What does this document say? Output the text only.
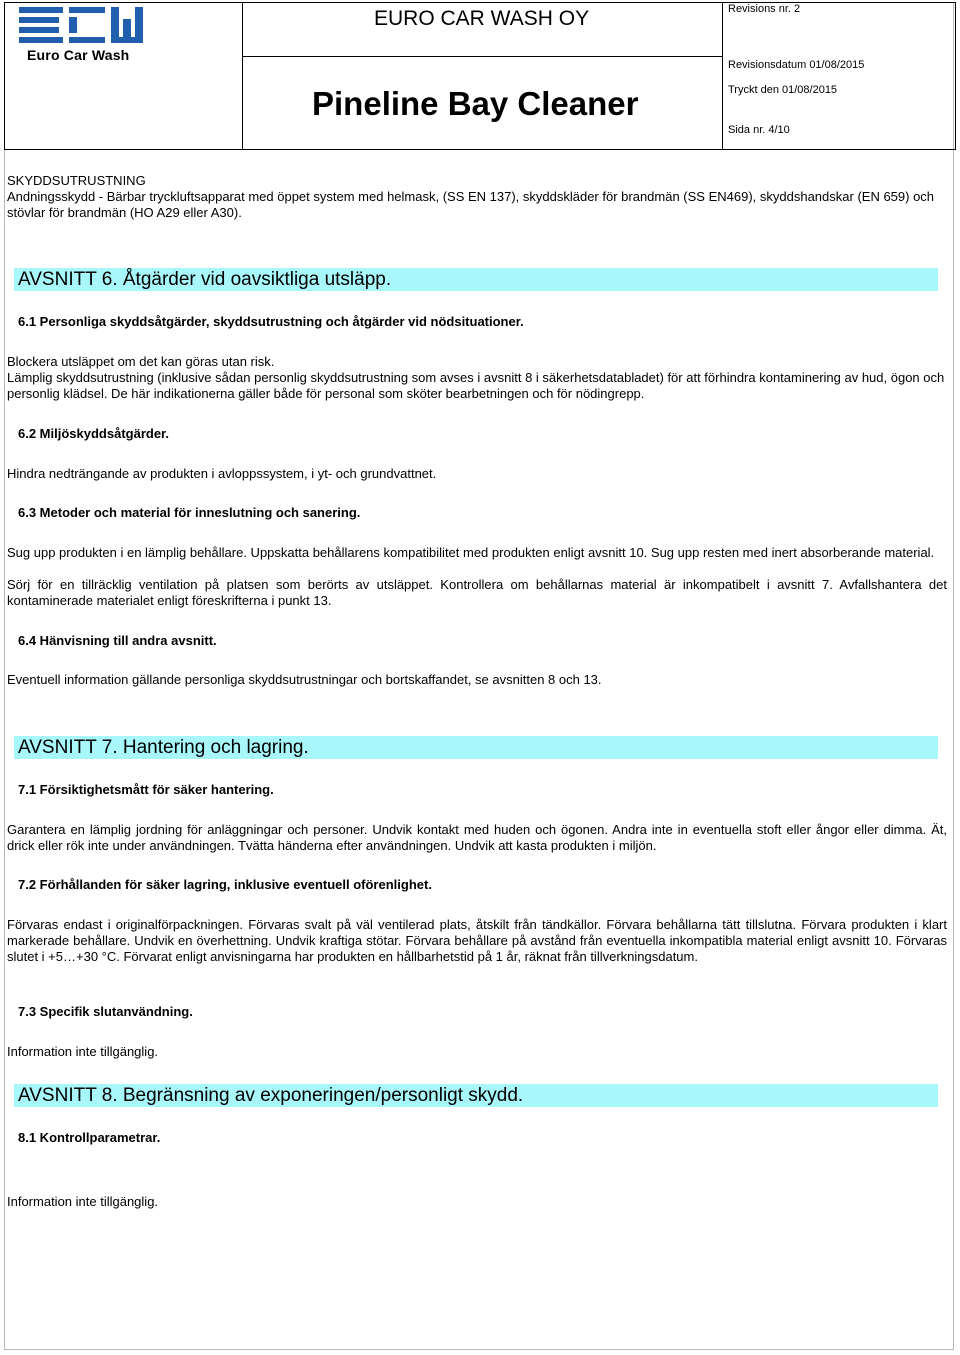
Euro Car Wash
EURO CAR WASH OY
Pineline Bay Cleaner
Revisions nr. 2
Revisionsdatum 01/08/2015
Tryckt den 01/08/2015
Sida nr. 4/10
SKYDDSUTRUSTNING
Andningsskydd - Bärbar tryckluftsapparat med öppet system med helmask, (SS EN 137), skyddskläder för brandmän (SS EN469), skyddshandskar (EN 659) och stövlar för brandmän (HO A29 eller A30).
AVSNITT 6. Åtgärder vid oavsiktliga utsläpp.
6.1 Personliga skyddsåtgärder, skyddsutrustning och åtgärder vid nödsituationer.
Blockera utsläppet om det kan göras utan risk.
Lämplig skyddsutrustning (inklusive sådan personlig skyddsutrustning som avses i avsnitt 8 i säkerhetsdatabladet) för att förhindra kontaminering av hud, ögon och personlig klädsel. De här indikationerna gäller både för personal som sköter bearbetningen och för nödingrepp.
6.2 Miljöskyddsåtgärder.
Hindra nedträngande av produkten i avloppssystem, i yt- och grundvattnet.
6.3 Metoder och material för inneslutning och sanering.
Sug upp produkten i en lämplig behållare. Uppskatta behållarens kompatibilitet med produkten enligt avsnitt 10. Sug upp resten med inert absorberande material.
Sörj för en tillräcklig ventilation på platsen som berörts av utsläppet. Kontrollera om behållarnas material är inkompatibelt i avsnitt 7. Avfallshantera det kontaminerade materialet enligt föreskrifterna i punkt 13.
6.4 Hänvisning till andra avsnitt.
Eventuell information gällande personliga skyddsutrustningar och bortskaffandet, se avsnitten 8 och 13.
AVSNITT 7. Hantering och lagring.
7.1 Försiktighetsmått för säker hantering.
Garantera en lämplig jordning för anläggningar och personer. Undvik kontakt med huden och ögonen. Andra inte in eventuella stoft eller ångor eller dimma. Ät, drick eller rök inte under användningen. Tvätta händerna efter användningen. Undvik att kasta produkten i miljön.
7.2 Förhållanden för säker lagring, inklusive eventuell oförenlighet.
Förvaras endast i originalförpackningen. Förvaras svalt på väl ventilerad plats, åtskilt från tändkällor. Förvara behållarna tätt tillslutna. Förvara produkten i klart markerade behållare. Undvik en överhettning. Undvik kraftiga stötar. Förvara behållare på avstånd från eventuella inkompatibla material enligt avsnitt 10. Förvaras slutet i +5…+30 °C. Förvarat enligt anvisningarna har produkten en hållbarhetstid på 1 år, räknat från tillverkningsdatum.
7.3 Specifik slutanvändning.
Information inte tillgänglig.
AVSNITT 8. Begränsning av exponeringen/personligt skydd.
8.1 Kontrollparametrar.
Information inte tillgänglig.
